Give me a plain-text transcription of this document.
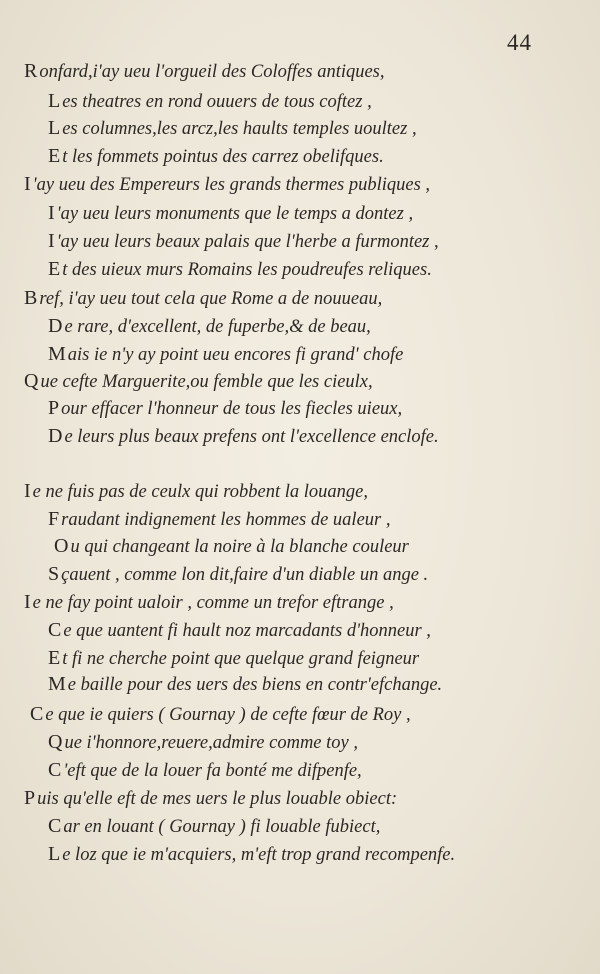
44
R onfard,i'ay ueu l'orgueil des Coloffes antiques,
L es theatres en rond ouuers de tous coftez ,
L es columnes,les arcz,les haults temples uoultez ,
E t les fommets pointus des carrez obelifques.
I 'ay ueu des Empereurs les grands thermes publiques ,
I 'ay ueu leurs monuments que le temps a dontez ,
I 'ay ueu leurs beaux palais que l'herbe a furmontez ,
E t des uieux murs Romains les poudreufes reliques.
B ref, i'ay ueu tout cela que Rome a de nouueau,
D e rare, d'excellent, de fuperbe,& de beau,
M ais ie n'y ay point ueu encores fi grand' chofe
Q ue cefte Marguerite,ou femble que les cieulx,
P our effacer l'honneur de tous les fiecles uieux,
D e leurs plus beaux prefens ont l'excellence enclofe.
I e ne fuis pas de ceulx qui robbent la louange,
F raudant indignement les hommes de ualeur ,
O u qui changeant la noire à la blanche couleur
S çauent , comme lon dit,faire d'un diable un ange .
I e ne fay point ualoir , comme un trefor eftrange ,
C e que uantent fi hault noz marcadants d'honneur ,
E t fi ne cherche point que quelque grand feigneur
M e baille pour des uers des biens en contr'efchange.
C e que ie quiers ( Gournay ) de cefte fœur de Roy ,
Q ue i'honnore,reuere,admire comme toy ,
C 'eft que de la louer fa bonté me difpenfe,
P uis qu'elle eft de mes uers le plus louable obiect:
C ar en louant ( Gournay ) fi louable fubiect,
L e loz que ie m'acquiers, m'eft trop grand recompenfe.
